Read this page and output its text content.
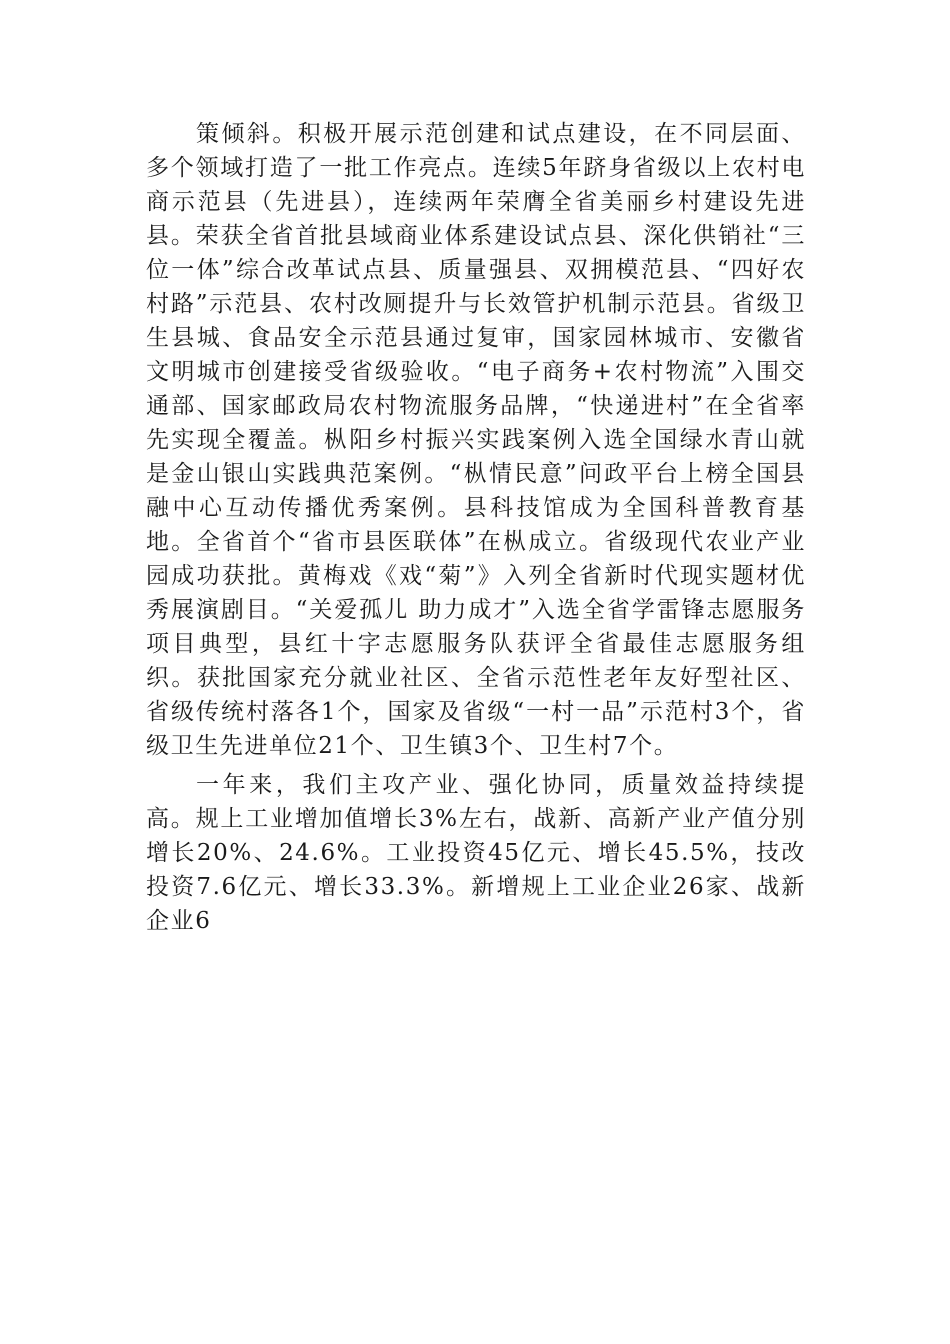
策倾斜。积极开展示范创建和试点建设，在不同层面、多个领域打造了一批工作亮点。连续5年跻身省级以上农村电商示范县（先进县），连续两年荣膺全省美丽乡村建设先进县。荣获全省首批县域商业体系建设试点县、深化供销社“三位一体”综合改革试点县、质量强县、双拥模范县、“四好农村路”示范县、农村改厕提升与长效管护机制示范县。省级卫生县城、食品安全示范县通过复审，国家园林城市、安徽省文明城市创建接受省级验收。“电子商务+农村物流”入围交通部、国家邮政局农村物流服务品牌，“快递进村”在全省率先实现全覆盖。枞阳乡村振兴实践案例入选全国绿水青山就是金山银山实践典范案例。“枞情民意”问政平台上榜全国县融中心互动传播优秀案例。县科技馆成为全国科普教育基地。全省首个“省市县医联体”在枞成立。省级现代农业产业园成功获批。黄梅戏《戏“菊”》入列全省新时代现实题材优秀展演剧目。“关爱孤儿 助力成才”入选全省学雷锋志愿服务项目典型，县红十字志愿服务队获评全省最佳志愿服务组织。获批国家充分就业社区、全省示范性老年友好型社区、省级传统村落各1个，国家及省级“一村一品”示范村3个，省级卫生先进单位21个、卫生镇3个、卫生村7个。

一年来，我们主攻产业、强化协同，质量效益持续提高。规上工业增加值增长3%左右，战新、高新产业产值分别增长20%、24.6%。工业投资45亿元、增长45.5%，技改投资7.6亿元、增长33.3%。新增规上工业企业26家、战新企业6
